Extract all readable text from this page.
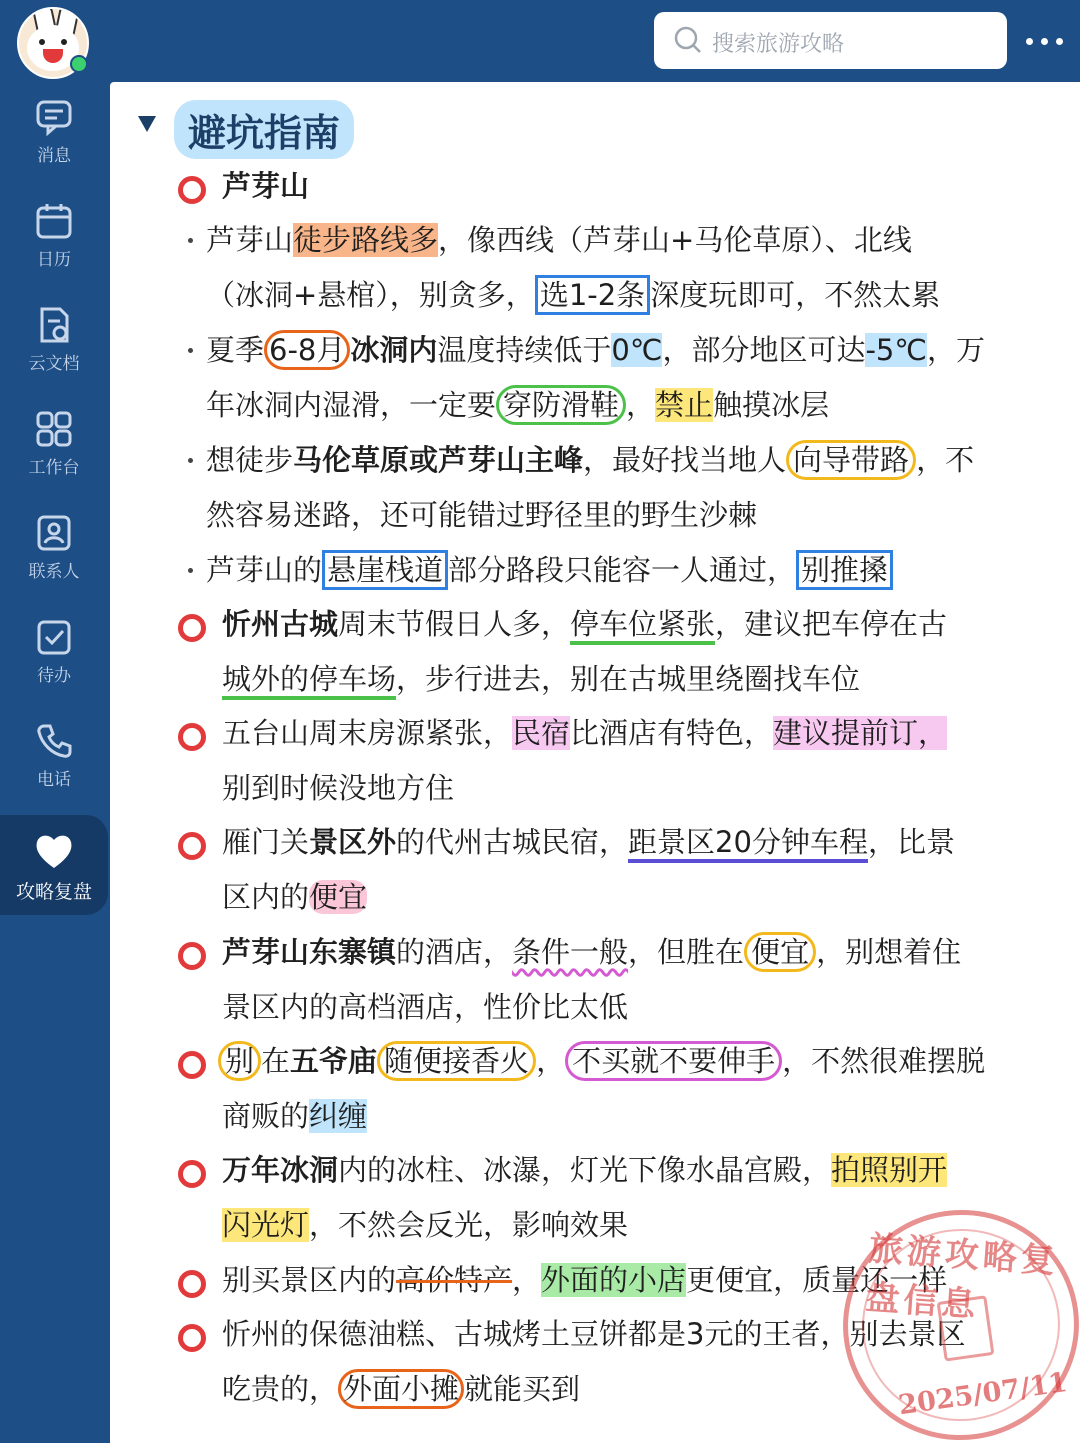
消息
日历
云文档
工作台
联系人
待办
电话
攻略复盘
搜索旅游攻略
避坑指南
芦芽山
芦芽山徒步路线多，像西线（芦芽山+马伦草原）、北线
（冰洞+悬棺），别贪多， 选1-2条 深度玩即可，不然太累
夏季 6-8月 冰洞内温度持续低于0℃，部分地区可达-5℃，万
年冰洞内湿滑，一定要 穿防滑鞋 ，禁止触摸冰层
想徒步马伦草原或芦芽山主峰，最好找当地人 向导带路 ，不
然容易迷路，还可能错过野径里的野生沙棘
芦芽山的 悬崖栈道 部分路段只能容一人通过， 别推搡
忻州古城周末节假日人多，停车位紧张，建议把车停在古
城外的停车场，步行进去，别在古城里绕圈找车位
五台山周末房源紧张，民宿比酒店有特色，建议提前订，
别到时候没地方住
雁门关景区外的代州古城民宿，距景区20分钟车程，比景
区内的便宜
芦芽山东寨镇的酒店，条件一般，但胜在 便宜 ，别想着住
景区内的高档酒店，性价比太低
别 在五爷庙 随便接香火 ， 不买就不要伸手 ，不然很难摆脱
商贩的纠缠
万年冰洞内的冰柱、冰瀑，灯光下像水晶宫殿，拍照别开
闪光灯，不然会反光，影响效果
别买景区内的高价特产，外面的小店更便宜，质量还一样
忻州的保德油糕、古城烤土豆饼都是3元的王者，别去景区
吃贵的， 外面小摊 就能买到
旅游攻略复盘信息
2025/07/11
